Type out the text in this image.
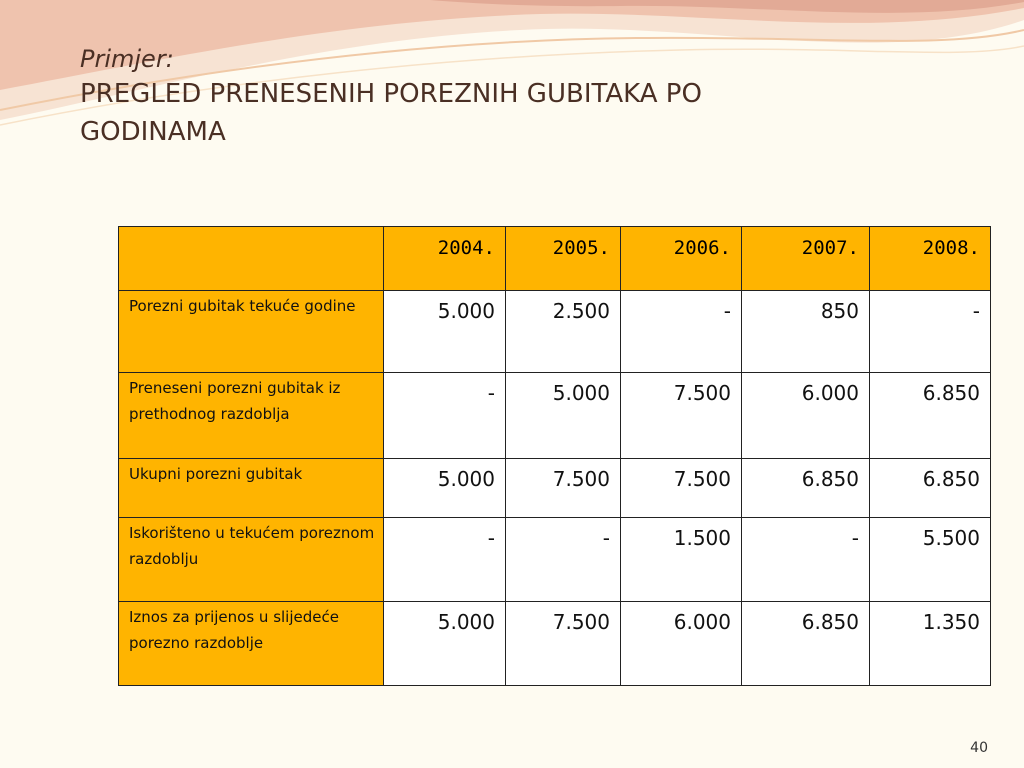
Primjer:
PREGLED PRENESENIH POREZNIH GUBITAKA PO
GODINAMA
	2004.	2005.	2006.	2007.	2008.
Porezni gubitak tekuće godine	5.000	2.500	-	850	-
Preneseni porezni gubitak iz prethodnog razdoblja	-	5.000	7.500	6.000	6.850
Ukupni porezni gubitak	5.000	7.500	7.500	6.850	6.850
Iskorišteno u tekućem poreznom razdoblju	-	-	1.500	-	5.500
Iznos za prijenos u slijedeće porezno razdoblje	5.000	7.500	6.000	6.850	1.350
40
